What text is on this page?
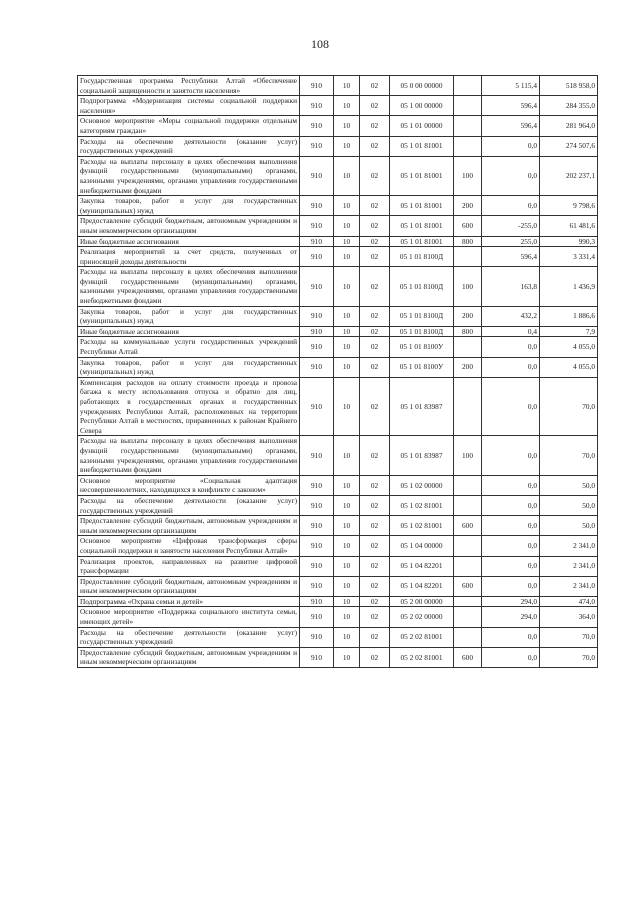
108
Государственная программа Республики Алтай «Обеспечение социальной защищенности и занятости населения»	910	10	02	05 0 00 00000		5 115,4	518 958,0
Подпрограмма «Модернизация системы социальной поддержки населения»	910	10	02	05 1 00 00000		596,4	284 355,0
Основное мероприятие «Меры социальной поддержки отдельным категориям граждан»	910	10	02	05 1 01 00000		596,4	281 964,0
Расходы на обеспечение деятельности (оказание услуг) государственных учреждений	910	10	02	05 1 01 81001		0,0	274 507,6
Расходы на выплаты персоналу в целях обеспечения выполнения функций государственными (муниципальными) органами, казенными учреждениями, органами управления государственными внебюджетными фондами	910	10	02	05 1 01 81001	100	0,0	202 237,1
Закупка товаров, работ и услуг для государственных (муниципальных) нужд	910	10	02	05 1 01 81001	200	0,0	9 798,6
Предоставление субсидий бюджетным, автономным учреждениям и иным некоммерческим организациям	910	10	02	05 1 01 81001	600	-255,0	61 481,6
Иные бюджетные ассигнования	910	10	02	05 1 01 81001	800	255,0	990,3
Реализация мероприятий за счет средств, полученных от приносящей доходы деятельности	910	10	02	05 1 01 8100Д		596,4	3 331,4
Расходы на выплаты персоналу в целях обеспечения выполнения функций государственными (муниципальными) органами, казенными учреждениями, органами управления государственными внебюджетными фондами	910	10	02	05 1 01 8100Д	100	163,8	1 436,9
Закупка товаров, работ и услуг для государственных (муниципальных) нужд	910	10	02	05 1 01 8100Д	200	432,2	1 886,6
Иные бюджетные ассигнования	910	10	02	05 1 01 8100Д	800	0,4	7,9
Расходы на коммунальные услуги государственных учреждений Республики Алтай	910	10	02	05 1 01 8100У		0,0	4 055,0
Закупка товаров, работ и услуг для государственных (муниципальных) нужд	910	10	02	05 1 01 8100У	200	0,0	4 055,0
Компенсация расходов на оплату стоимости проезда и провоза багажа к месту использования отпуска и обратно для лиц, работающих в государственных органах и государственных учреждениях Республики Алтай, расположенных на территории Республики Алтай в местностях, приравненных к районам Крайнего Севера	910	10	02	05 1 01 83987		0,0	70,0
Расходы на выплаты персоналу в целях обеспечения выполнения функций государственными (муниципальными) органами, казенными учреждениями, органами управления государственными внебюджетными фондами	910	10	02	05 1 01 83987	100	0,0	70,0
Основное мероприятие «Социальная адаптация несовершеннолетних, находящихся в конфликте с законом»	910	10	02	05 1 02 00000		0,0	50,0
Расходы на обеспечение деятельности (оказание услуг) государственных учреждений	910	10	02	05 1 02 81001		0,0	50,0
Предоставление субсидий бюджетным, автономным учреждениям и иным некоммерческим организациям	910	10	02	05 1 02 81001	600	0,0	50,0
Основное мероприятие «Цифровая трансформация сферы социальной поддержки и занятости населения Республики Алтай»	910	10	02	05 1 04 00000		0,0	2 341,0
Реализация проектов, направленных на развитие цифровой трансформации	910	10	02	05 1 04 82201		0,0	2 341,0
Предоставление субсидий бюджетным, автономным учреждениям и иным некоммерческим организациям	910	10	02	05 1 04 82201	600	0,0	2 341,0
Подпрограмма «Охрана семьи и детей»	910	10	02	05 2 00 00000		294,0	474,0
Основное мероприятие «Поддержка социального института семьи, имеющих детей»	910	10	02	05 2 02 00000		294,0	364,0
Расходы на обеспечение деятельности (оказание услуг) государственных учреждений	910	10	02	05 2 02 81001		0,0	70,0
Предоставление субсидий бюджетным, автономным учреждениям и иным некоммерческим организациям	910	10	02	05 2 02 81001	600	0,0	70,0
